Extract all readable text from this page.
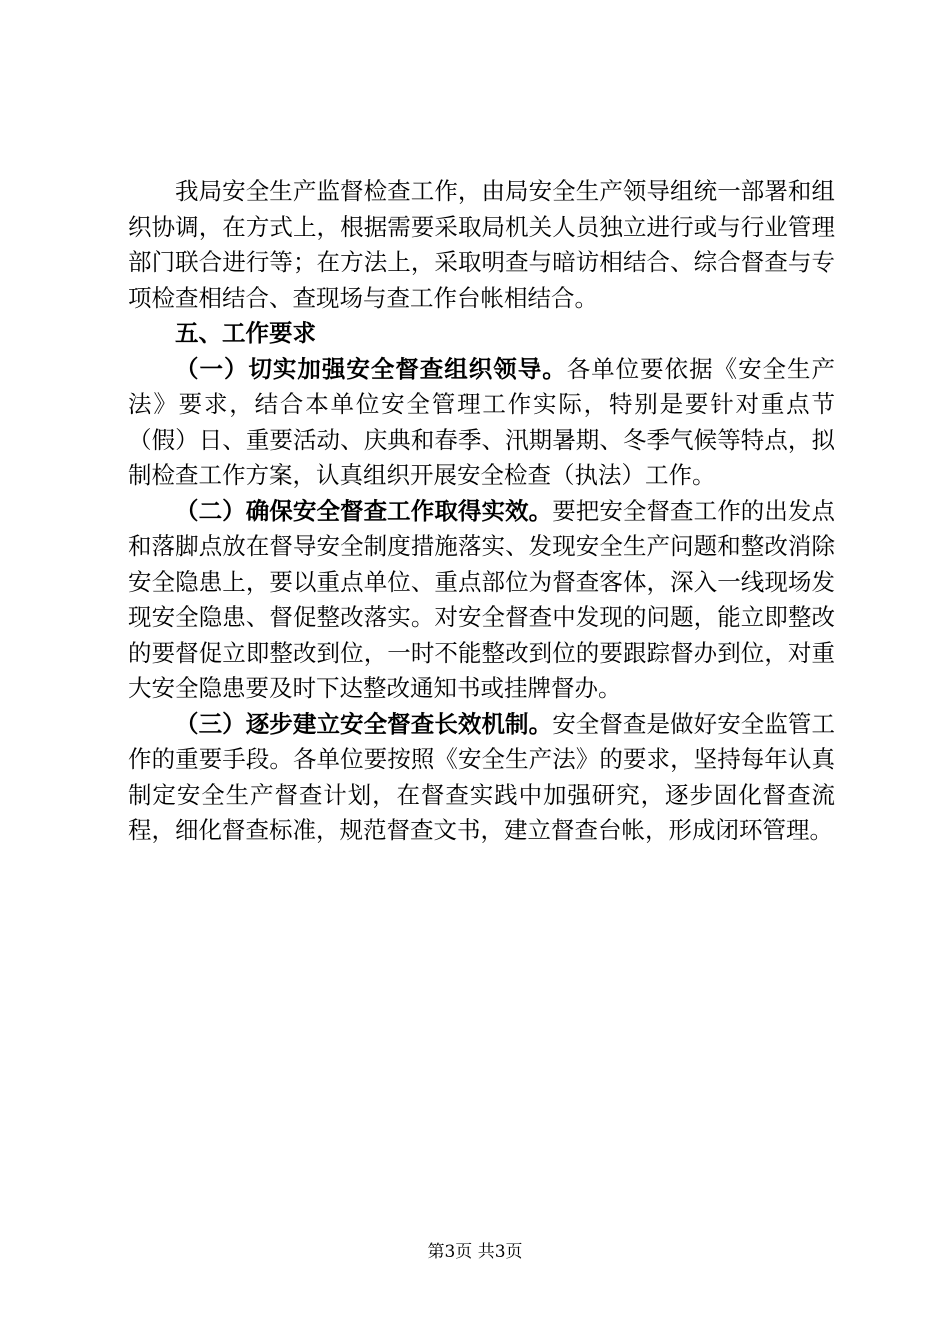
我局安全生产监督检查工作，由局安全生产领导组统一部署和组织协调，在方式上，根据需要采取局机关人员独立进行或与行业管理部门联合进行等；在方法上，采取明查与暗访相结合、综合督查与专项检查相结合、查现场与查工作台帐相结合。

五、工作要求

（一）切实加强安全督查组织领导。各单位要依据《安全生产法》要求，结合本单位安全管理工作实际，特别是要针对重点节（假）日、重要活动、庆典和春季、汛期暑期、冬季气候等特点，拟制检查工作方案，认真组织开展安全检查（执法）工作。

（二）确保安全督查工作取得实效。要把安全督查工作的出发点和落脚点放在督导安全制度措施落实、发现安全生产问题和整改消除安全隐患上，要以重点单位、重点部位为督查客体，深入一线现场发现安全隐患、督促整改落实。对安全督查中发现的问题，能立即整改的要督促立即整改到位，一时不能整改到位的要跟踪督办到位，对重大安全隐患要及时下达整改通知书或挂牌督办。

（三）逐步建立安全督查长效机制。安全督查是做好安全监管工作的重要手段。各单位要按照《安全生产法》的要求，坚持每年认真制定安全生产督查计划，在督查实践中加强研究，逐步固化督查流程，细化督查标准，规范督查文书，建立督查台帐，形成闭环管理。

第3页 共3页
